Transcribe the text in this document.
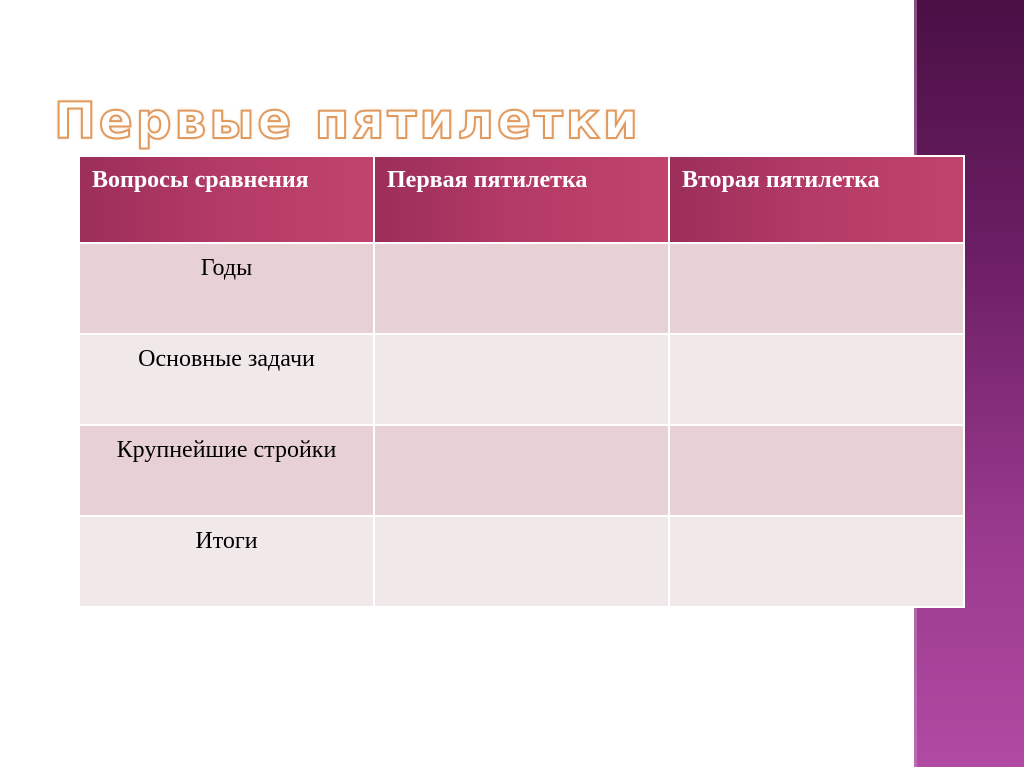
Первые пятилетки
Вопросы сравнения	Первая пятилетка	Вторая пятилетка
Годы		
Основные задачи		
Крупнейшие стройки		
Итоги		
